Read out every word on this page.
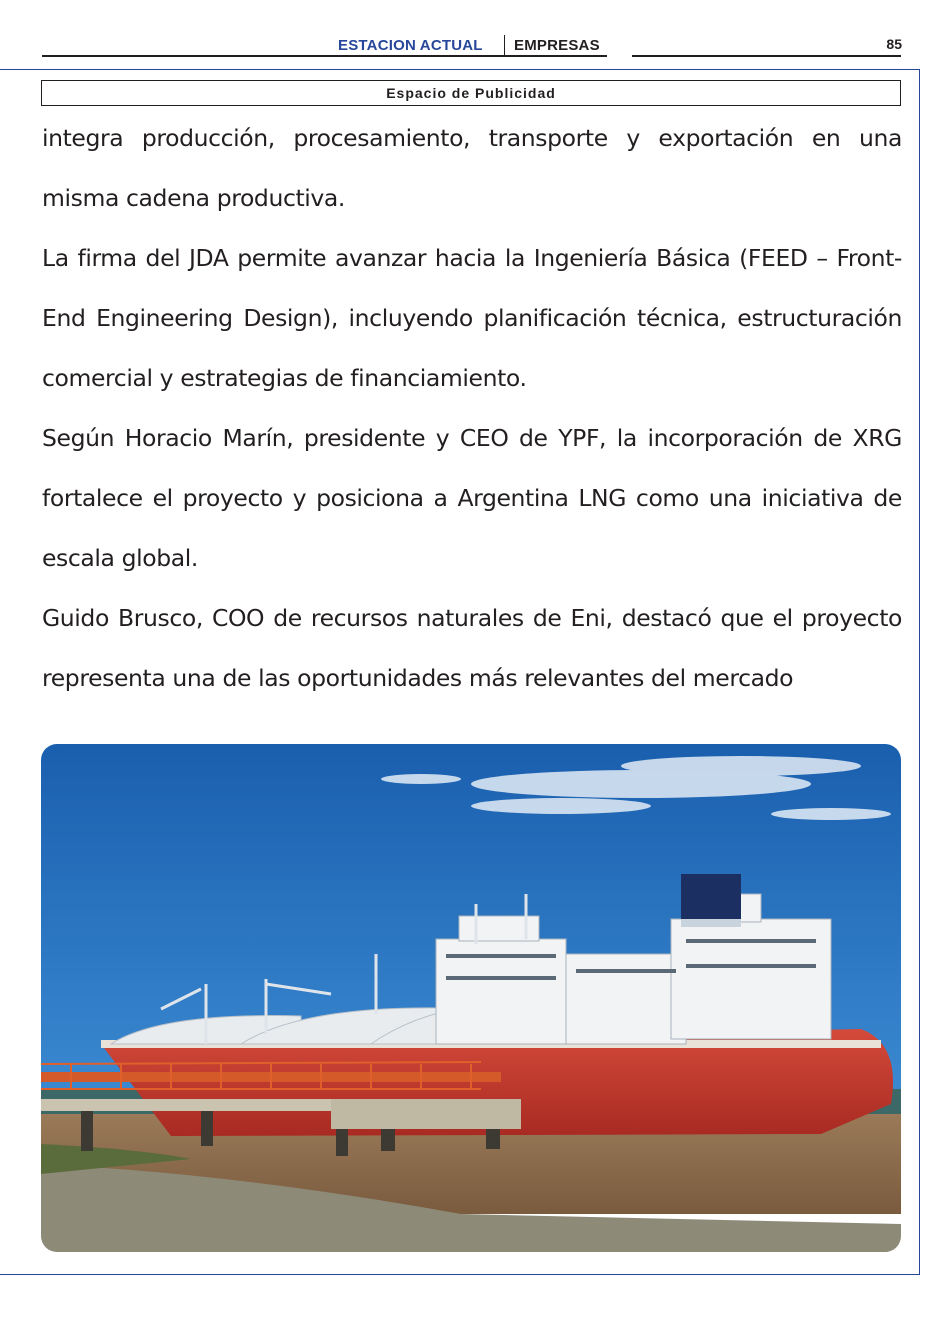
ESTACION ACTUAL EMPRESAS	85
Espacio de Publicidad

integra producción, procesamiento, transporte y exportación en una misma cadena productiva.

La firma del JDA permite avanzar hacia la Ingeniería Básica (FEED – Front-End Engineering Design), incluyendo planificación técnica, estructuración comercial y estrategias de financiamiento.

Según Horacio Marín, presidente y CEO de YPF, la incorporación de XRG fortalece el proyecto y posiciona a Argentina LNG como una iniciativa de escala global.

Guido Brusco, COO de recursos naturales de Eni, destacó que el proyecto representa una de las oportunidades más relevantes del mercado
